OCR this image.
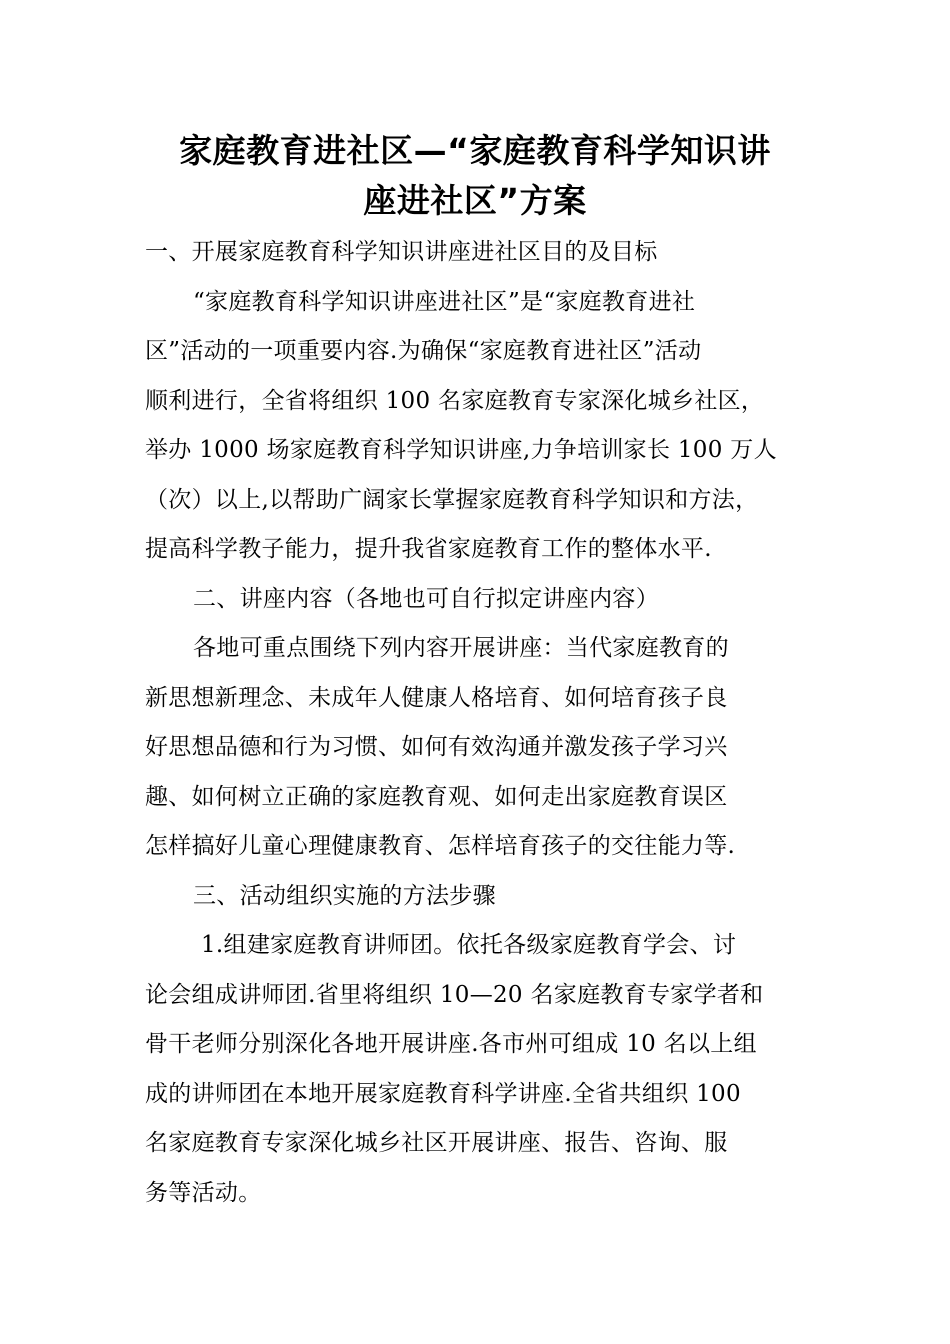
家庭教育进社区—“家庭教育科学知识讲
座进社区”方案
一、开展家庭教育科学知识讲座进社区目的及目标
“家庭教育科学知识讲座进社区”是“家庭教育进社
区”活动的一项重要内容.为确保“家庭教育进社区”活动
顺利进行，全省将组织 100 名家庭教育专家深化城乡社区，
举办 1000 场家庭教育科学知识讲座,力争培训家长 100 万人
（次）以上,以帮助广阔家长掌握家庭教育科学知识和方法，
提高科学教子能力，提升我省家庭教育工作的整体水平.
二、讲座内容（各地也可自行拟定讲座内容）
各地可重点围绕下列内容开展讲座：当代家庭教育的
新思想新理念、未成年人健康人格培育、如何培育孩子良
好思想品德和行为习惯、如何有效沟通并激发孩子学习兴
趣、如何树立正确的家庭教育观、如何走出家庭教育误区
怎样搞好儿童心理健康教育、怎样培育孩子的交往能力等.
三、活动组织实施的方法步骤
1.组建家庭教育讲师团。依托各级家庭教育学会、讨
论会组成讲师团.省里将组织 10—20 名家庭教育专家学者和
骨干老师分别深化各地开展讲座.各市州可组成 10 名以上组
成的讲师团在本地开展家庭教育科学讲座.全省共组织 100
名家庭教育专家深化城乡社区开展讲座、报告、咨询、服
务等活动。
